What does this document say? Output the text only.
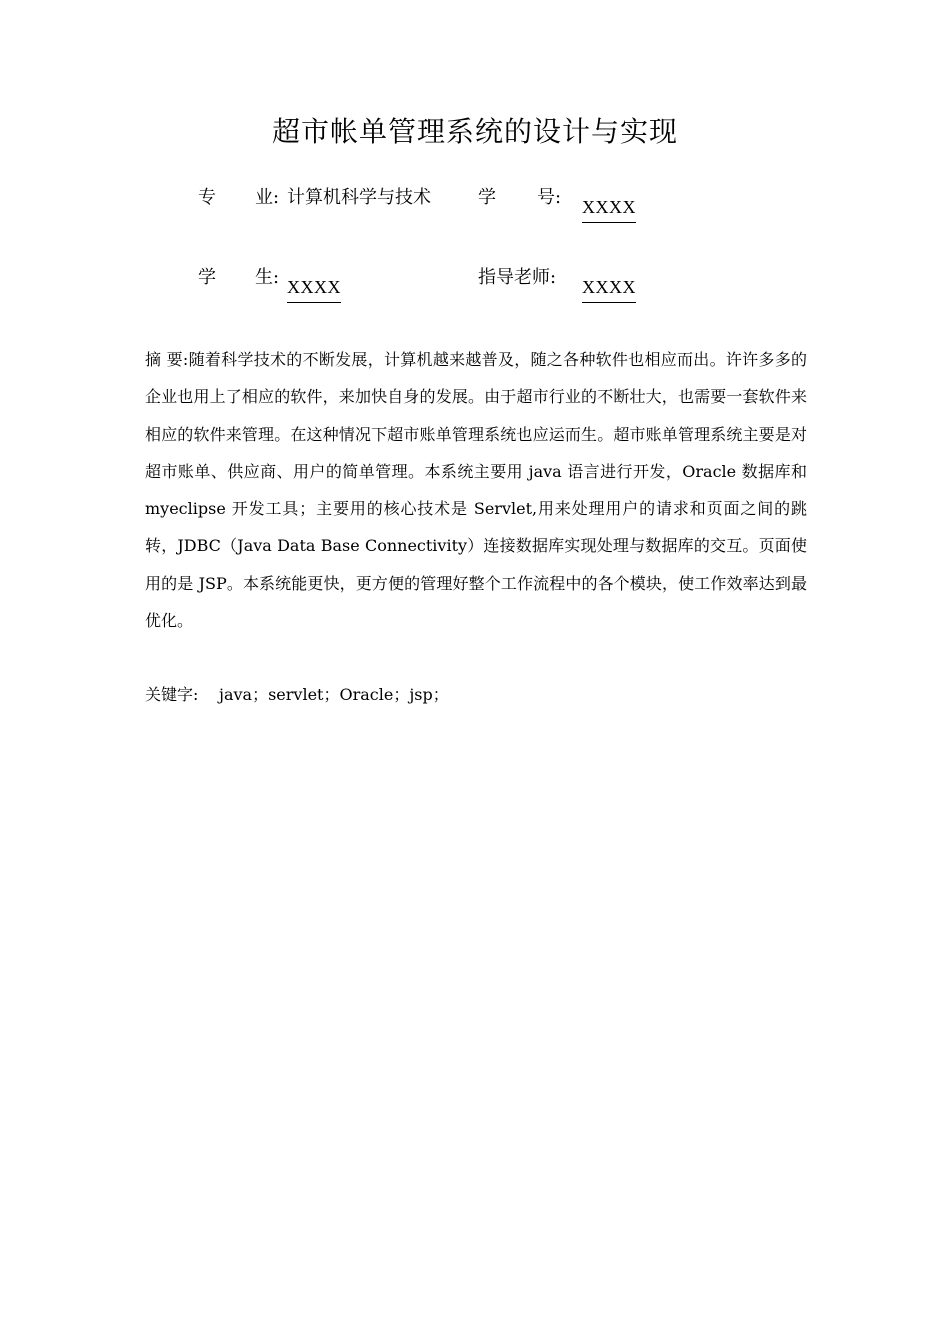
超市帐单管理系统的设计与实现
专 业: 计算机科学与技术	学 号: XXXX
学 生: XXXX	指导老师: XXXX
摘 要:随着科学技术的不断发展，计算机越来越普及，随之各种软件也相应而出。许许多多的企业也用上了相应的软件，来加快自身的发展。由于超市行业的不断壮大，也需要一套软件来相应的软件来管理。在这种情况下超市账单管理系统也应运而生。超市账单管理系统主要是对超市账单、供应商、用户的简单管理。本系统主要用 java 语言进行开发，Oracle 数据库和 myeclipse 开发工具；主要用的核心技术是 Servlet,用来处理用户的请求和页面之间的跳转，JDBC（Java Data Base Connectivity）连接数据库实现处理与数据库的交互。页面使用的是 JSP。本系统能更快，更方便的管理好整个工作流程中的各个模块，使工作效率达到最优化。
关键字: java；servlet；Oracle；jsp；
